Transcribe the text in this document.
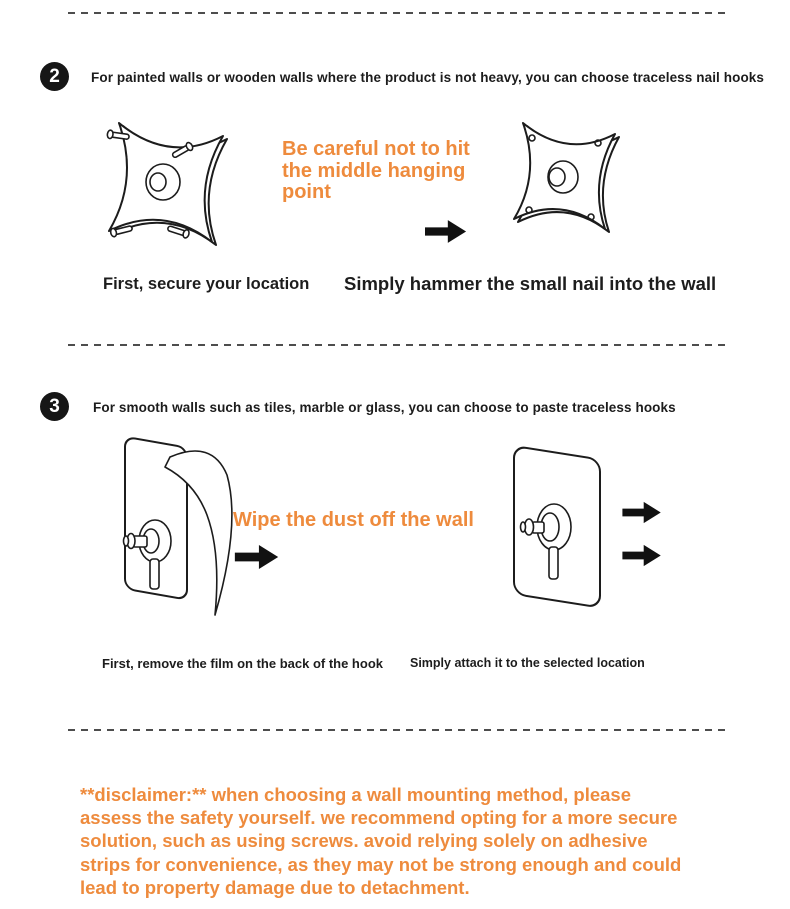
2	For painted walls or wooden walls where the product is not heavy, you can choose traceless nail hooks
Be careful not to hit
the middle hanging
point
First, secure your location Simply hammer the small nail into the wall
3	For smooth walls such as tiles, marble or glass, you can choose to paste traceless hooks
Wipe the dust off the wall
First, remove the film on the back of the hook Simply attach it to the selected location
**disclaimer:** when choosing a wall mounting method, please
assess the safety yourself. we recommend opting for a more secure
solution, such as using screws. avoid relying solely on adhesive
strips for convenience, as they may not be strong enough and could
lead to property damage due to detachment.
